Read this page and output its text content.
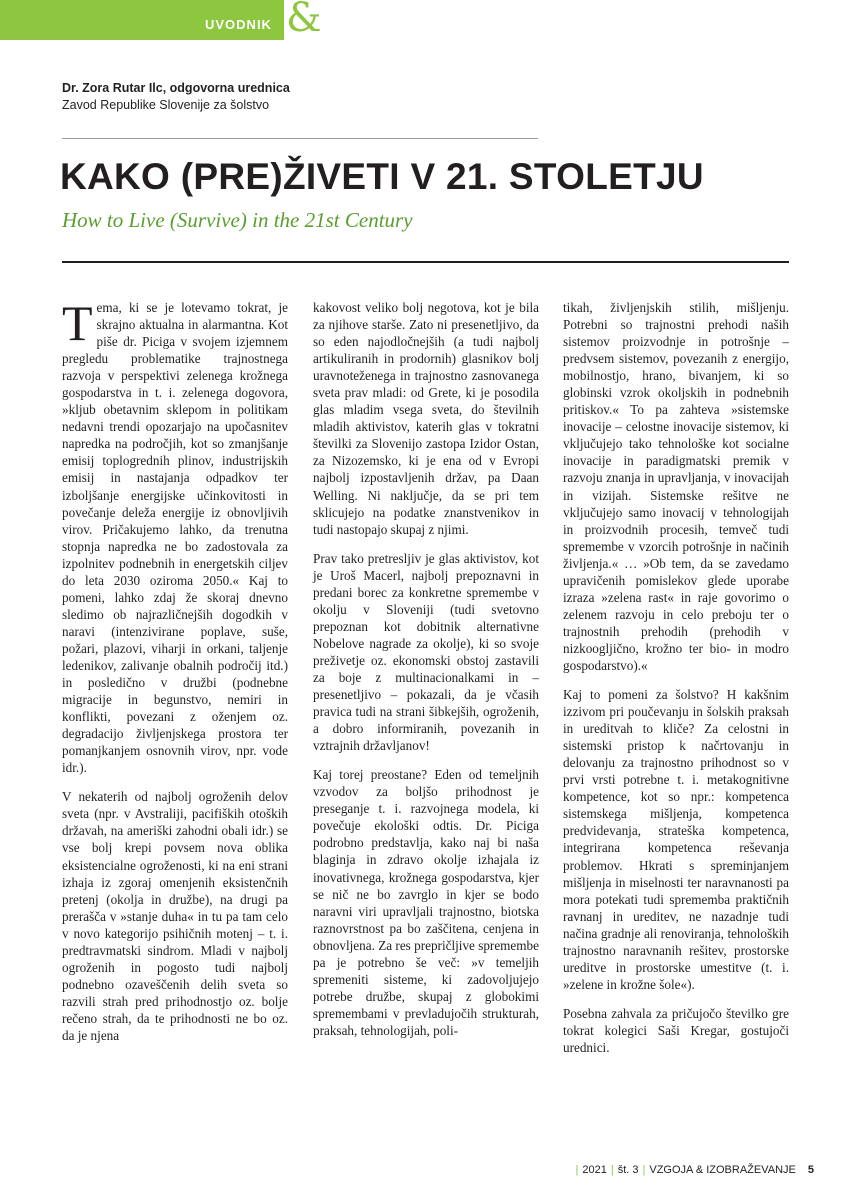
UVODNIK &
Dr. Zora Rutar Ilc, odgovorna urednica
Zavod Republike Slovenije za šolstvo
KAKO (PRE)ŽIVETI V 21. STOLETJU
How to Live (Survive) in the 21st Century

Tema, ki se je lotevamo tokrat, je skrajno aktualna in alarmantna. Kot piše dr. Piciga v svojem izjemnem pregledu problematike trajnostnega razvoja v perspektivi zelenega krožnega gospodarstva in t. i. zelenega dogovora, »kljub obetavnim sklepom in politikam nedavni trendi opozarjajo na upočasnitev napredka na področjih, kot so zmanjšanje emisij toplogrednih plinov, industrijskih emisij in nastajanja odpadkov ter izboljšanje energijske učinkovitosti in povečanje deleža energije iz obnovljivih virov. Pričakujemo lahko, da trenutna stopnja napredka ne bo zadostovala za izpolnitev podnebnih in energetskih ciljev do leta 2030 oziroma 2050.« Kaj to pomeni, lahko zdaj že skoraj dnevno sledimo ob najrazličnejših dogodkih v naravi (intenzivirane poplave, suše, požari, plazovi, viharji in orkani, taljenje ledenikov, zalivanje obalnih področij itd.) in posledično v družbi (podnebne migracije in begunstvo, nemiri in konflikti, povezani z oženjem oz. degradacijo življenjskega prostora ter pomanjkanjem osnovnih virov, npr. vode idr.).

V nekaterih od najbolj ogroženih delov sveta (npr. v Avstraliji, pacifiških otoških državah, na ameriški zahodni obali idr.) se vse bolj krepi povsem nova oblika eksistencialne ogroženosti, ki na eni strani izhaja iz zgoraj omenjenih eksistenčnih pretenj (okolja in družbe), na drugi pa prerašča v »stanje duha« in tu pa tam celo v novo kategorijo psihičnih motenj – t. i. predtravmatski sindrom. Mladi v najbolj ogroženih in pogosto tudi najbolj podnebno ozaveščenih delih sveta so razvili strah pred prihodnostjo oz. bolje rečeno strah, da te prihodnosti ne bo oz. da je njena

kakovost veliko bolj negotova, kot je bila za njihove starše. Zato ni presenetljivo, da so eden najodločnejših (a tudi najbolj artikuliranih in prodornih) glasnikov bolj uravnoteženega in trajnostno zasnovanega sveta prav mladi: od Grete, ki je posodila glas mladim vsega sveta, do številnih mladih aktivistov, katerih glas v tokratni številki za Slovenijo zastopa Izidor Ostan, za Nizozemsko, ki je ena od v Evropi najbolj izpostavljenih držav, pa Daan Welling. Ni naključje, da se pri tem sklicujejo na podatke znanstvenikov in tudi nastopajo skupaj z njimi.

Prav tako pretresljiv je glas aktivistov, kot je Uroš Macerl, najbolj prepoznavni in predani borec za konkretne spremembe v okolju v Sloveniji (tudi svetovno prepoznan kot dobitnik alternativne Nobelove nagrade za okolje), ki so svoje preživetje oz. ekonomski obstoj zastavili za boje z multinacionalkami in – presenetljivo – pokazali, da je včasih pravica tudi na strani šibkejših, ogroženih, a dobro informiranih, povezanih in vztrajnih državljanov!

Kaj torej preostane? Eden od temeljnih vzvodov za boljšo prihodnost je preseganje t. i. razvojnega modela, ki povečuje ekološki odtis. Dr. Piciga podrobno predstavlja, kako naj bi naša blaginja in zdravo okolje izhajala iz inovativnega, krožnega gospodarstva, kjer se nič ne bo zavrglo in kjer se bodo naravni viri upravljali trajnostno, biotska raznovrstnost pa bo zaščitena, cenjena in obnovljena. Za res prepričljive spremembe pa je potrebno še več: »v temeljih spremeniti sisteme, ki zadovoljujejo potrebe družbe, skupaj z globokimi spremembami v prevladujočih strukturah, praksah, tehnologijah, poli-

tikah, življenjskih stilih, mišljenju. Potrebni so trajnostni prehodi naših sistemov proizvodnje in potrošnje – predvsem sistemov, povezanih z energijo, mobilnostjo, hrano, bivanjem, ki so globinski vzrok okoljskih in podnebnih pritiskov.« To pa zahteva »sistemske inovacije – celostne inovacije sistemov, ki vključujejo tako tehnološke kot socialne inovacije in paradigmatski premik v razvoju znanja in upravljanja, v inovacijah in vizijah. Sistemske rešitve ne vključujejo samo inovacij v tehnologijah in proizvodnih procesih, temveč tudi spremembe v vzorcih potrošnje in načinih življenja.« … »Ob tem, da se zavedamo upravičenih pomislekov glede uporabe izraza »zelena rast« in raje govorimo o zelenem razvoju in celo preboju ter o trajnostnih prehodih (prehodih v nizkoogljično, krožno ter bio- in modro gospodarstvo).«

Kaj to pomeni za šolstvo? H kakšnim izzivom pri poučevanju in šolskih praksah in ureditvah to kliče? Za celostni in sistemski pristop k načrtovanju in delovanju za trajnostno prihodnost so v prvi vrsti potrebne t. i. metakognitivne kompetence, kot so npr.: kompetenca sistemskega mišljenja, kompetenca predvidevanja, strateška kompetenca, integrirana kompetenca reševanja problemov. Hkrati s spreminjanjem mišljenja in miselnosti ter naravnanosti pa mora potekati tudi sprememba praktičnih ravnanj in ureditev, ne nazadnje tudi načina gradnje ali renoviranja, tehnoloških trajnostno naravnanih rešitev, prostorske ureditve in prostorske umestitve (t. i. »zelene in krožne šole«).

Posebna zahvala za pričujočo številko gre tokrat kolegici Saši Kregar, gostujoči urednici.

| 2021 | št. 3 | VZGOJA & IZOBRAŽEVANJE 5
